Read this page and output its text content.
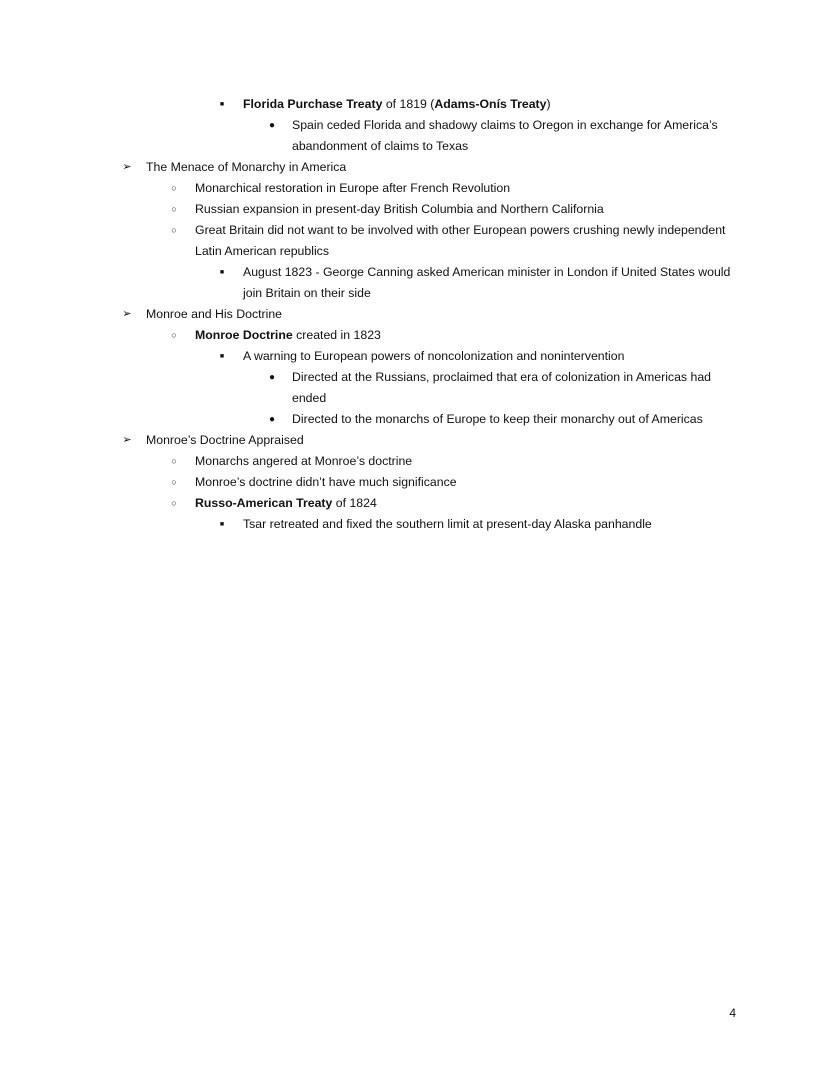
■	Florida Purchase Treaty of 1819 (Adams-Onís Treaty)

●	Spain ceded Florida and shadowy claims to Oregon in exchange for America’s

abandonment of claims to Texas

➢ The Menace of Monarchy in America

○	Monarchical restoration in Europe after French Revolution

○	Russian expansion in present-day British Columbia and Northern California

○	Great Britain did not want to be involved with other European powers crushing newly independent

Latin American republics

■	August 1823 - George Canning asked American minister in London if United States would

join Britain on their side

➢ Monroe and His Doctrine

○	Monroe Doctrine created in 1823

■	A warning to European powers of noncolonization and nonintervention

●	Directed at the Russians, proclaimed that era of colonization in Americas had

ended

●	Directed to the monarchs of Europe to keep their monarchy out of Americas

➢ Monroe’s Doctrine Appraised

○	Monarchs angered at Monroe’s doctrine

○	Monroe’s doctrine didn’t have much significance

○	Russo-American Treaty of 1824

■	Tsar retreated and fixed the southern limit at present-day Alaska panhandle

4
